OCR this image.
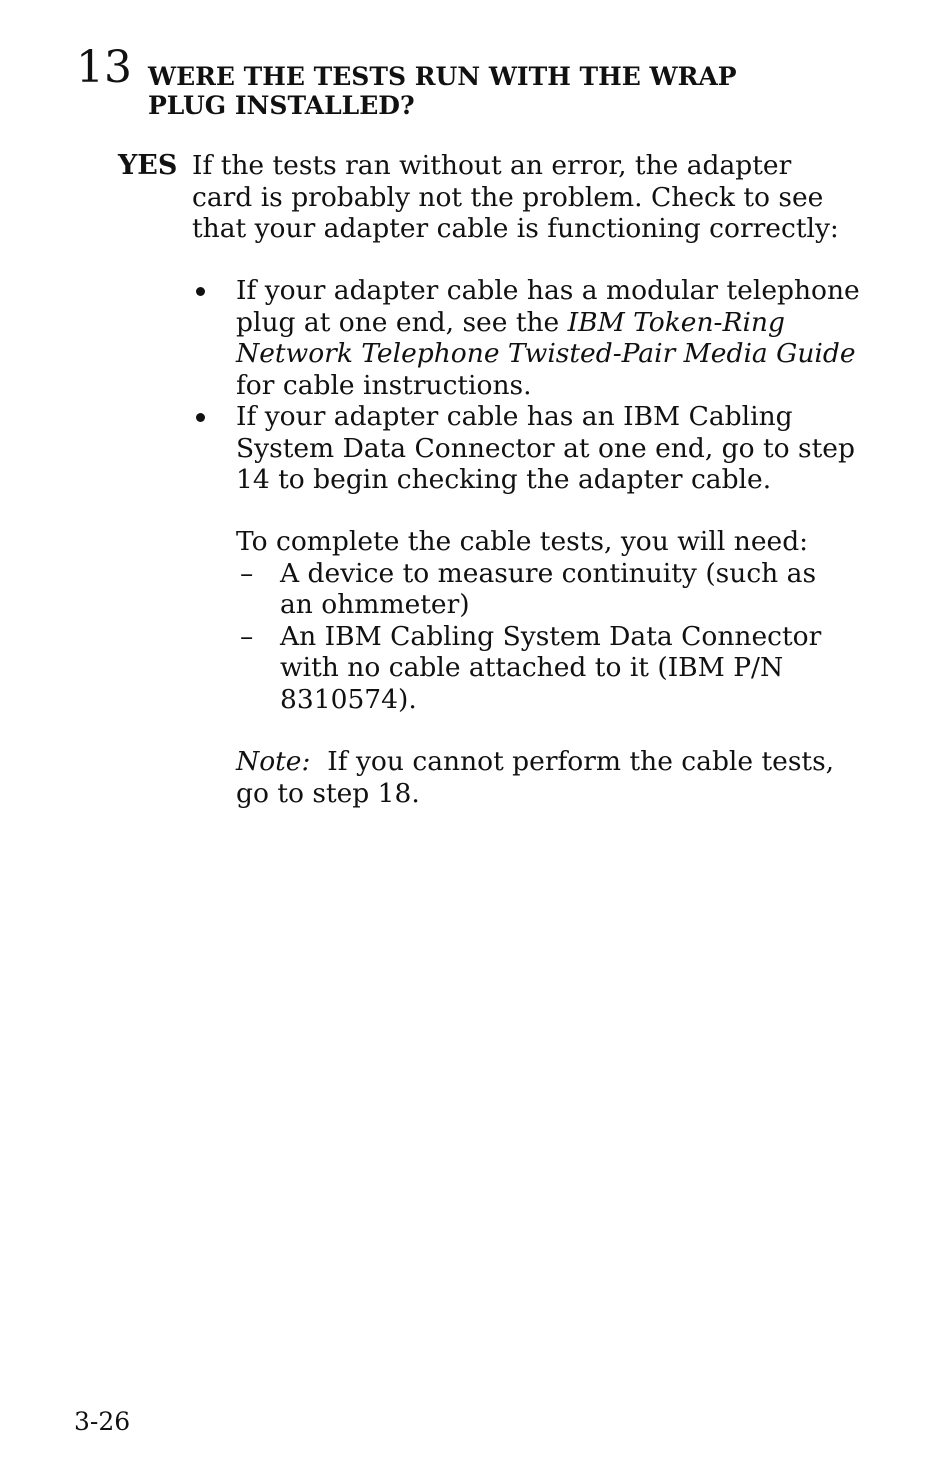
13 WERE THE TESTS RUN WITH THE WRAP
PLUG INSTALLED?
YES If the tests ran without an error, the adapter
card is probably not the problem. Check to see
that your adapter cable is functioning correctly:
If your adapter cable has a modular telephone
plug at one end, see the IBM Token-Ring
Network Telephone Twisted-Pair Media Guide
for cable instructions.
If your adapter cable has an IBM Cabling
System Data Connector at one end, go to step
14 to begin checking the adapter cable.
To complete the cable tests, you will need:
– A device to measure continuity (such as
an ohmmeter)
– An IBM Cabling System Data Connector
with no cable attached to it (IBM P/N
8310574).
Note: If you cannot perform the cable tests,
go to step 18.
3-26
